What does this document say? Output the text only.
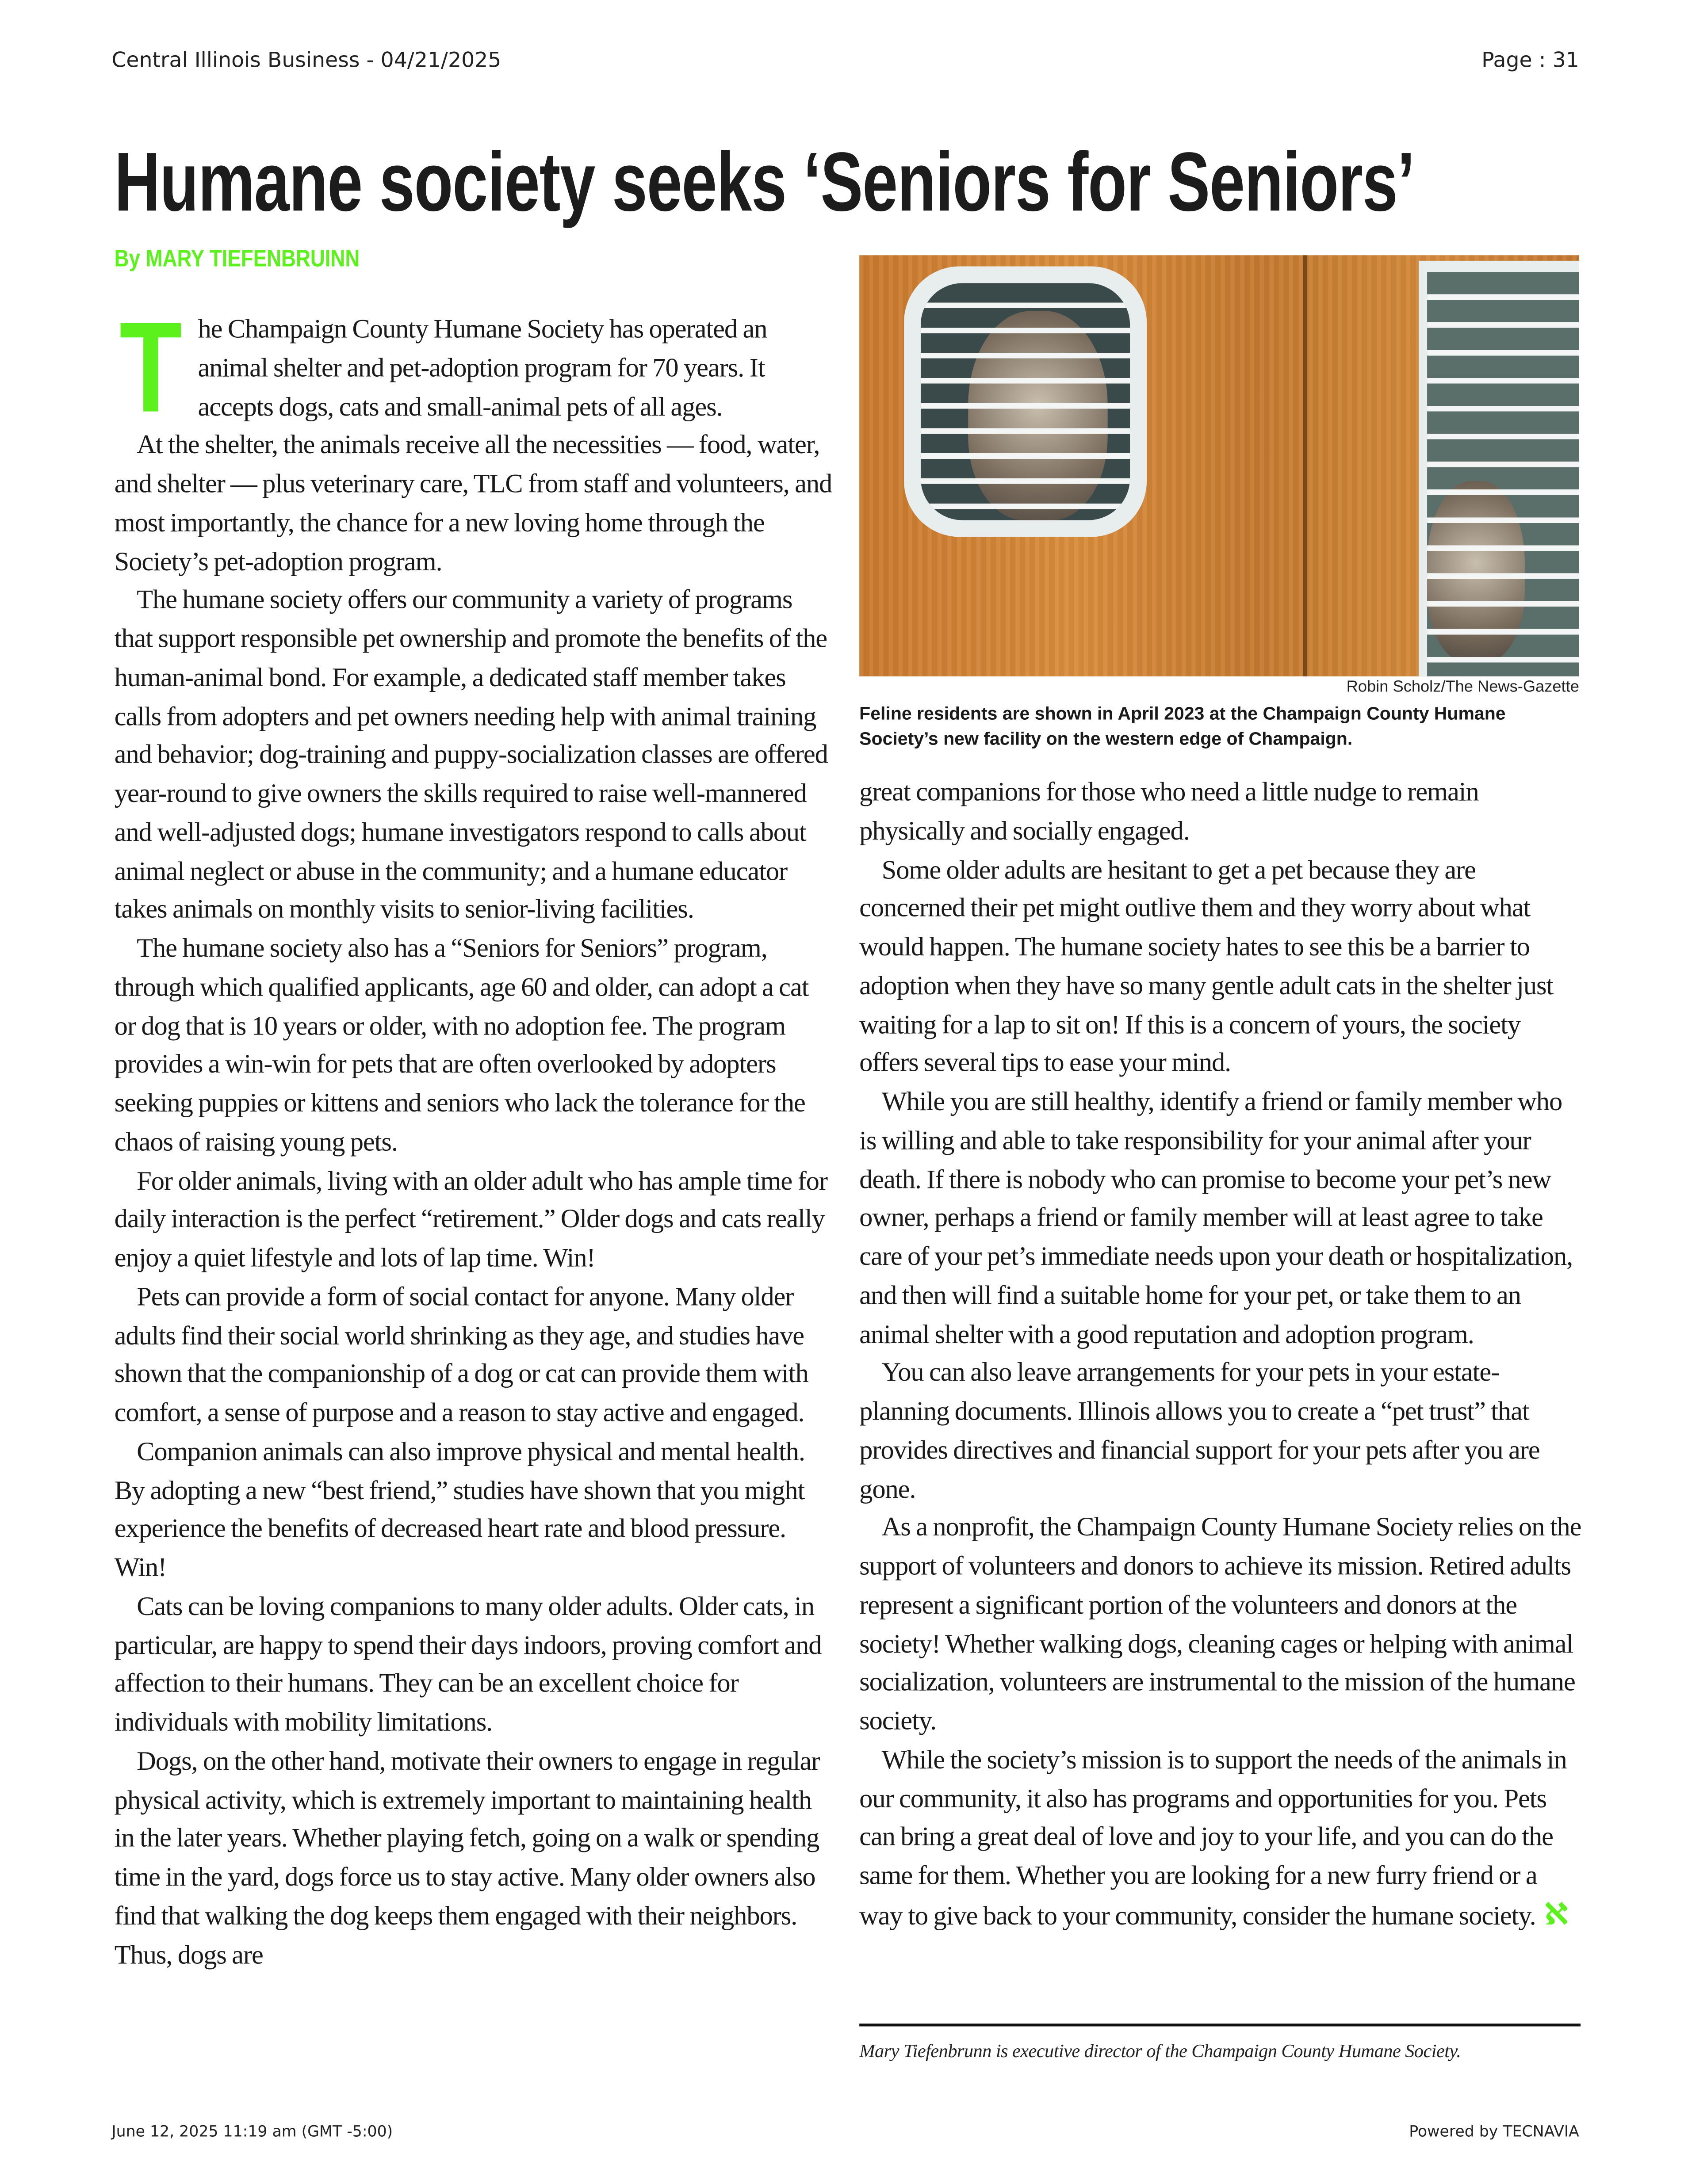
Central Illinois Business - 04/21/2025	Page : 31
Humane society seeks ‘Seniors for Seniors’
By MARY TIEFENBRUINN

T he Champaign County Humane Society has operated an animal shelter and pet-adoption program for 70 years. It accepts dogs, cats and small-animal pets of all ages.

At the shelter, the animals receive all the necessities — food, water, and shelter — plus veterinary care, TLC from staff and volunteers, and most importantly, the chance for a new loving home through the Society’s pet-adoption program.

The humane society offers our community a variety of programs that support responsible pet ownership and promote the benefits of the human-animal bond. For example, a dedicated staff member takes calls from adopters and pet owners needing help with animal training and behavior; dog-training and puppy-socialization classes are offered year-round to give owners the skills required to raise well-mannered and well-adjusted dogs; humane investigators respond to calls about animal neglect or abuse in the community; and a humane educator takes animals on monthly visits to senior-living facilities.

The humane society also has a “Seniors for Seniors” program, through which qualified applicants, age 60 and older, can adopt a cat or dog that is 10 years or older, with no adoption fee. The program provides a win-win for pets that are often overlooked by adopters seeking puppies or kittens and seniors who lack the tolerance for the chaos of raising young pets.

For older animals, living with an older adult who has ample time for daily interaction is the perfect “retirement.” Older dogs and cats really enjoy a quiet lifestyle and lots of lap time. Win!

Pets can provide a form of social contact for anyone. Many older adults find their social world shrinking as they age, and studies have shown that the companionship of a dog or cat can provide them with comfort, a sense of purpose and a reason to stay active and engaged.

Companion animals can also improve physical and mental health. By adopting a new “best friend,” studies have shown that you might experience the benefits of decreased heart rate and blood pressure. Win!

Cats can be loving companions to many older adults. Older cats, in particular, are happy to spend their days indoors, proving comfort and affection to their humans. They can be an excellent choice for individuals with mobility limitations.

Dogs, on the other hand, motivate their owners to engage in regular physical activity, which is extremely important to maintaining health in the later years. Whether playing fetch, going on a walk or spending time in the yard, dogs force us to stay active. Many older owners also find that walking the dog keeps them engaged with their neighbors. Thus, dogs are

great companions for those who need a little nudge to remain physically and socially engaged.

Some older adults are hesitant to get a pet because they are concerned their pet might outlive them and they worry about what would happen. The humane society hates to see this be a barrier to adoption when they have so many gentle adult cats in the shelter just waiting for a lap to sit on! If this is a concern of yours, the society offers several tips to ease your mind.

While you are still healthy, identify a friend or family member who is willing and able to take responsibility for your animal after your death. If there is nobody who can promise to become your pet’s new owner, perhaps a friend or family member will at least agree to take care of your pet’s immediate needs upon your death or hospitalization, and then will find a suitable home for your pet, or take them to an animal shelter with a good reputation and adoption program.

You can also leave arrangements for your pets in your estate-planning documents. Illinois allows you to create a “pet trust” that provides directives and financial support for your pets after you are gone.

As a nonprofit, the Champaign County Humane Society relies on the support of volunteers and donors to achieve its mission. Retired adults represent a significant portion of the volunteers and donors at the society! Whether walking dogs, cleaning cages or helping with animal socialization, volunteers are instrumental to the mission of the humane society.

While the society’s mission is to support the needs of the animals in our community, it also has programs and opportunities for you. Pets can bring a great deal of love and joy to your life, and you can do the same for them. Whether you are looking for a new furry friend or a way to give back to your community, consider the humane society. ℵ

Robin Scholz/The News-Gazette
Feline residents are shown in April 2023 at the Champaign County Humane Society’s new facility on the western edge of Champaign.
Mary Tiefenbrunn is executive director of the Champaign County Humane Society.
June 12, 2025 11:19 am (GMT -5:00)	Powered by TECNAVIA
